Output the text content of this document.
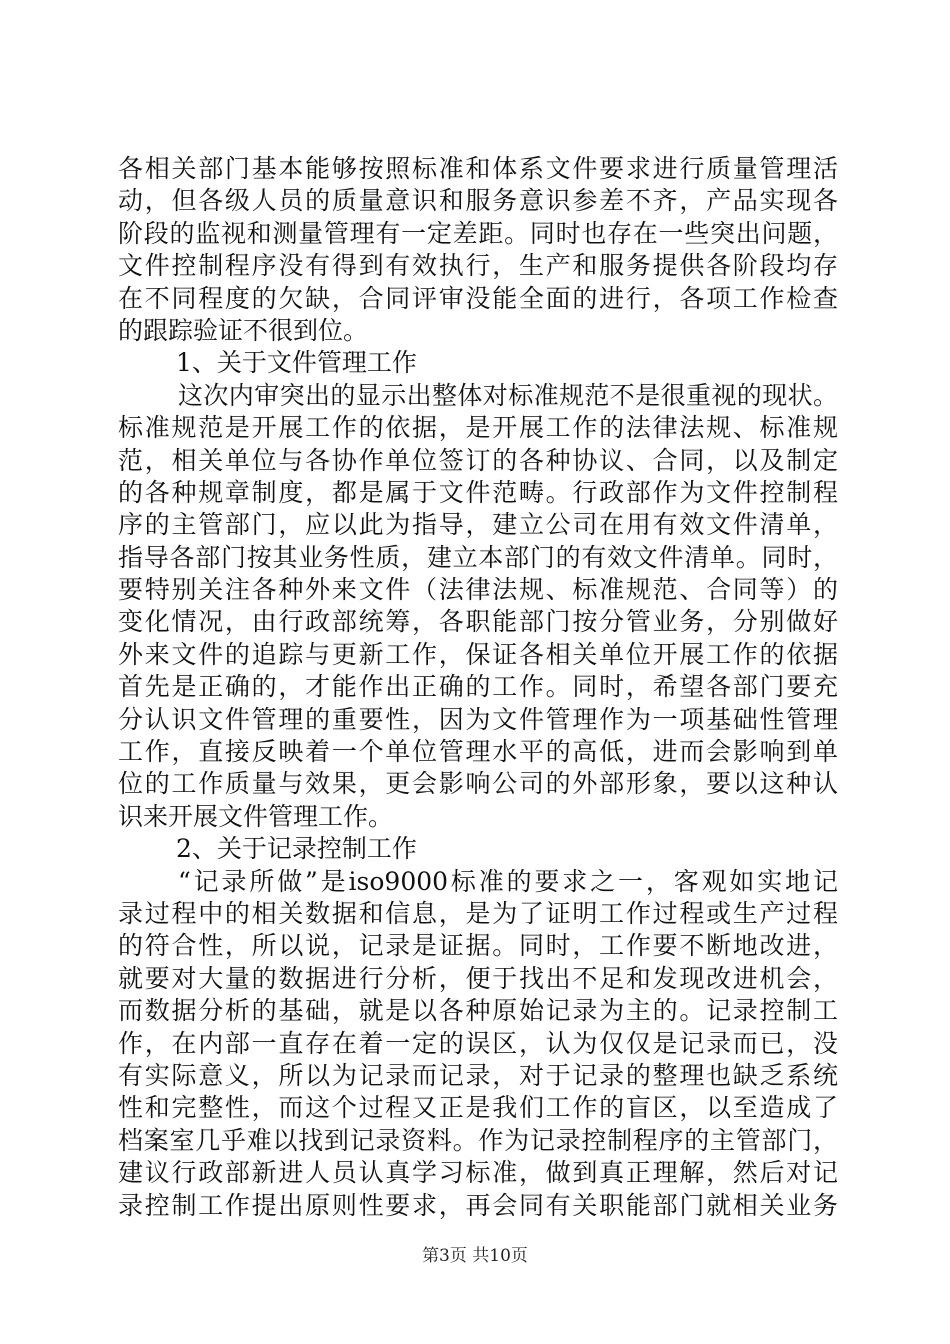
各相关部门基本能够按照标准和体系文件要求进行质量管理活
动，但各级人员的质量意识和服务意识参差不齐，产品实现各
阶段的监视和测量管理有一定差距。同时也存在一些突出问题，
文件控制程序没有得到有效执行，生产和服务提供各阶段均存
在不同程度的欠缺，合同评审没能全面的进行，各项工作检查
的跟踪验证不很到位。
1、关于文件管理工作
这次内审突出的显示出整体对标准规范不是很重视的现状。
标准规范是开展工作的依据，是开展工作的法律法规、标准规
范，相关单位与各协作单位签订的各种协议、合同，以及制定
的各种规章制度，都是属于文件范畴。行政部作为文件控制程
序的主管部门，应以此为指导，建立公司在用有效文件清单，
指导各部门按其业务性质，建立本部门的有效文件清单。同时，
要特别关注各种外来文件（法律法规、标准规范、合同等）的
变化情况，由行政部统筹，各职能部门按分管业务，分别做好
外来文件的追踪与更新工作，保证各相关单位开展工作的依据
首先是正确的，才能作出正确的工作。同时，希望各部门要充
分认识文件管理的重要性，因为文件管理作为一项基础性管理
工作，直接反映着一个单位管理水平的高低，进而会影响到单
位的工作质量与效果，更会影响公司的外部形象，要以这种认
识来开展文件管理工作。
2、关于记录控制工作
“记录所做”是iso9000标准的要求之一，客观如实地记
录过程中的相关数据和信息，是为了证明工作过程或生产过程
的符合性，所以说，记录是证据。同时，工作要不断地改进，
就要对大量的数据进行分析，便于找出不足和发现改进机会，
而数据分析的基础，就是以各种原始记录为主的。记录控制工
作，在内部一直存在着一定的误区，认为仅仅是记录而已，没
有实际意义，所以为记录而记录，对于记录的整理也缺乏系统
性和完整性，而这个过程又正是我们工作的盲区，以至造成了
档案室几乎难以找到记录资料。作为记录控制程序的主管部门，
建议行政部新进人员认真学习标准，做到真正理解，然后对记
录控制工作提出原则性要求，再会同有关职能部门就相关业务
第3页 共10页
